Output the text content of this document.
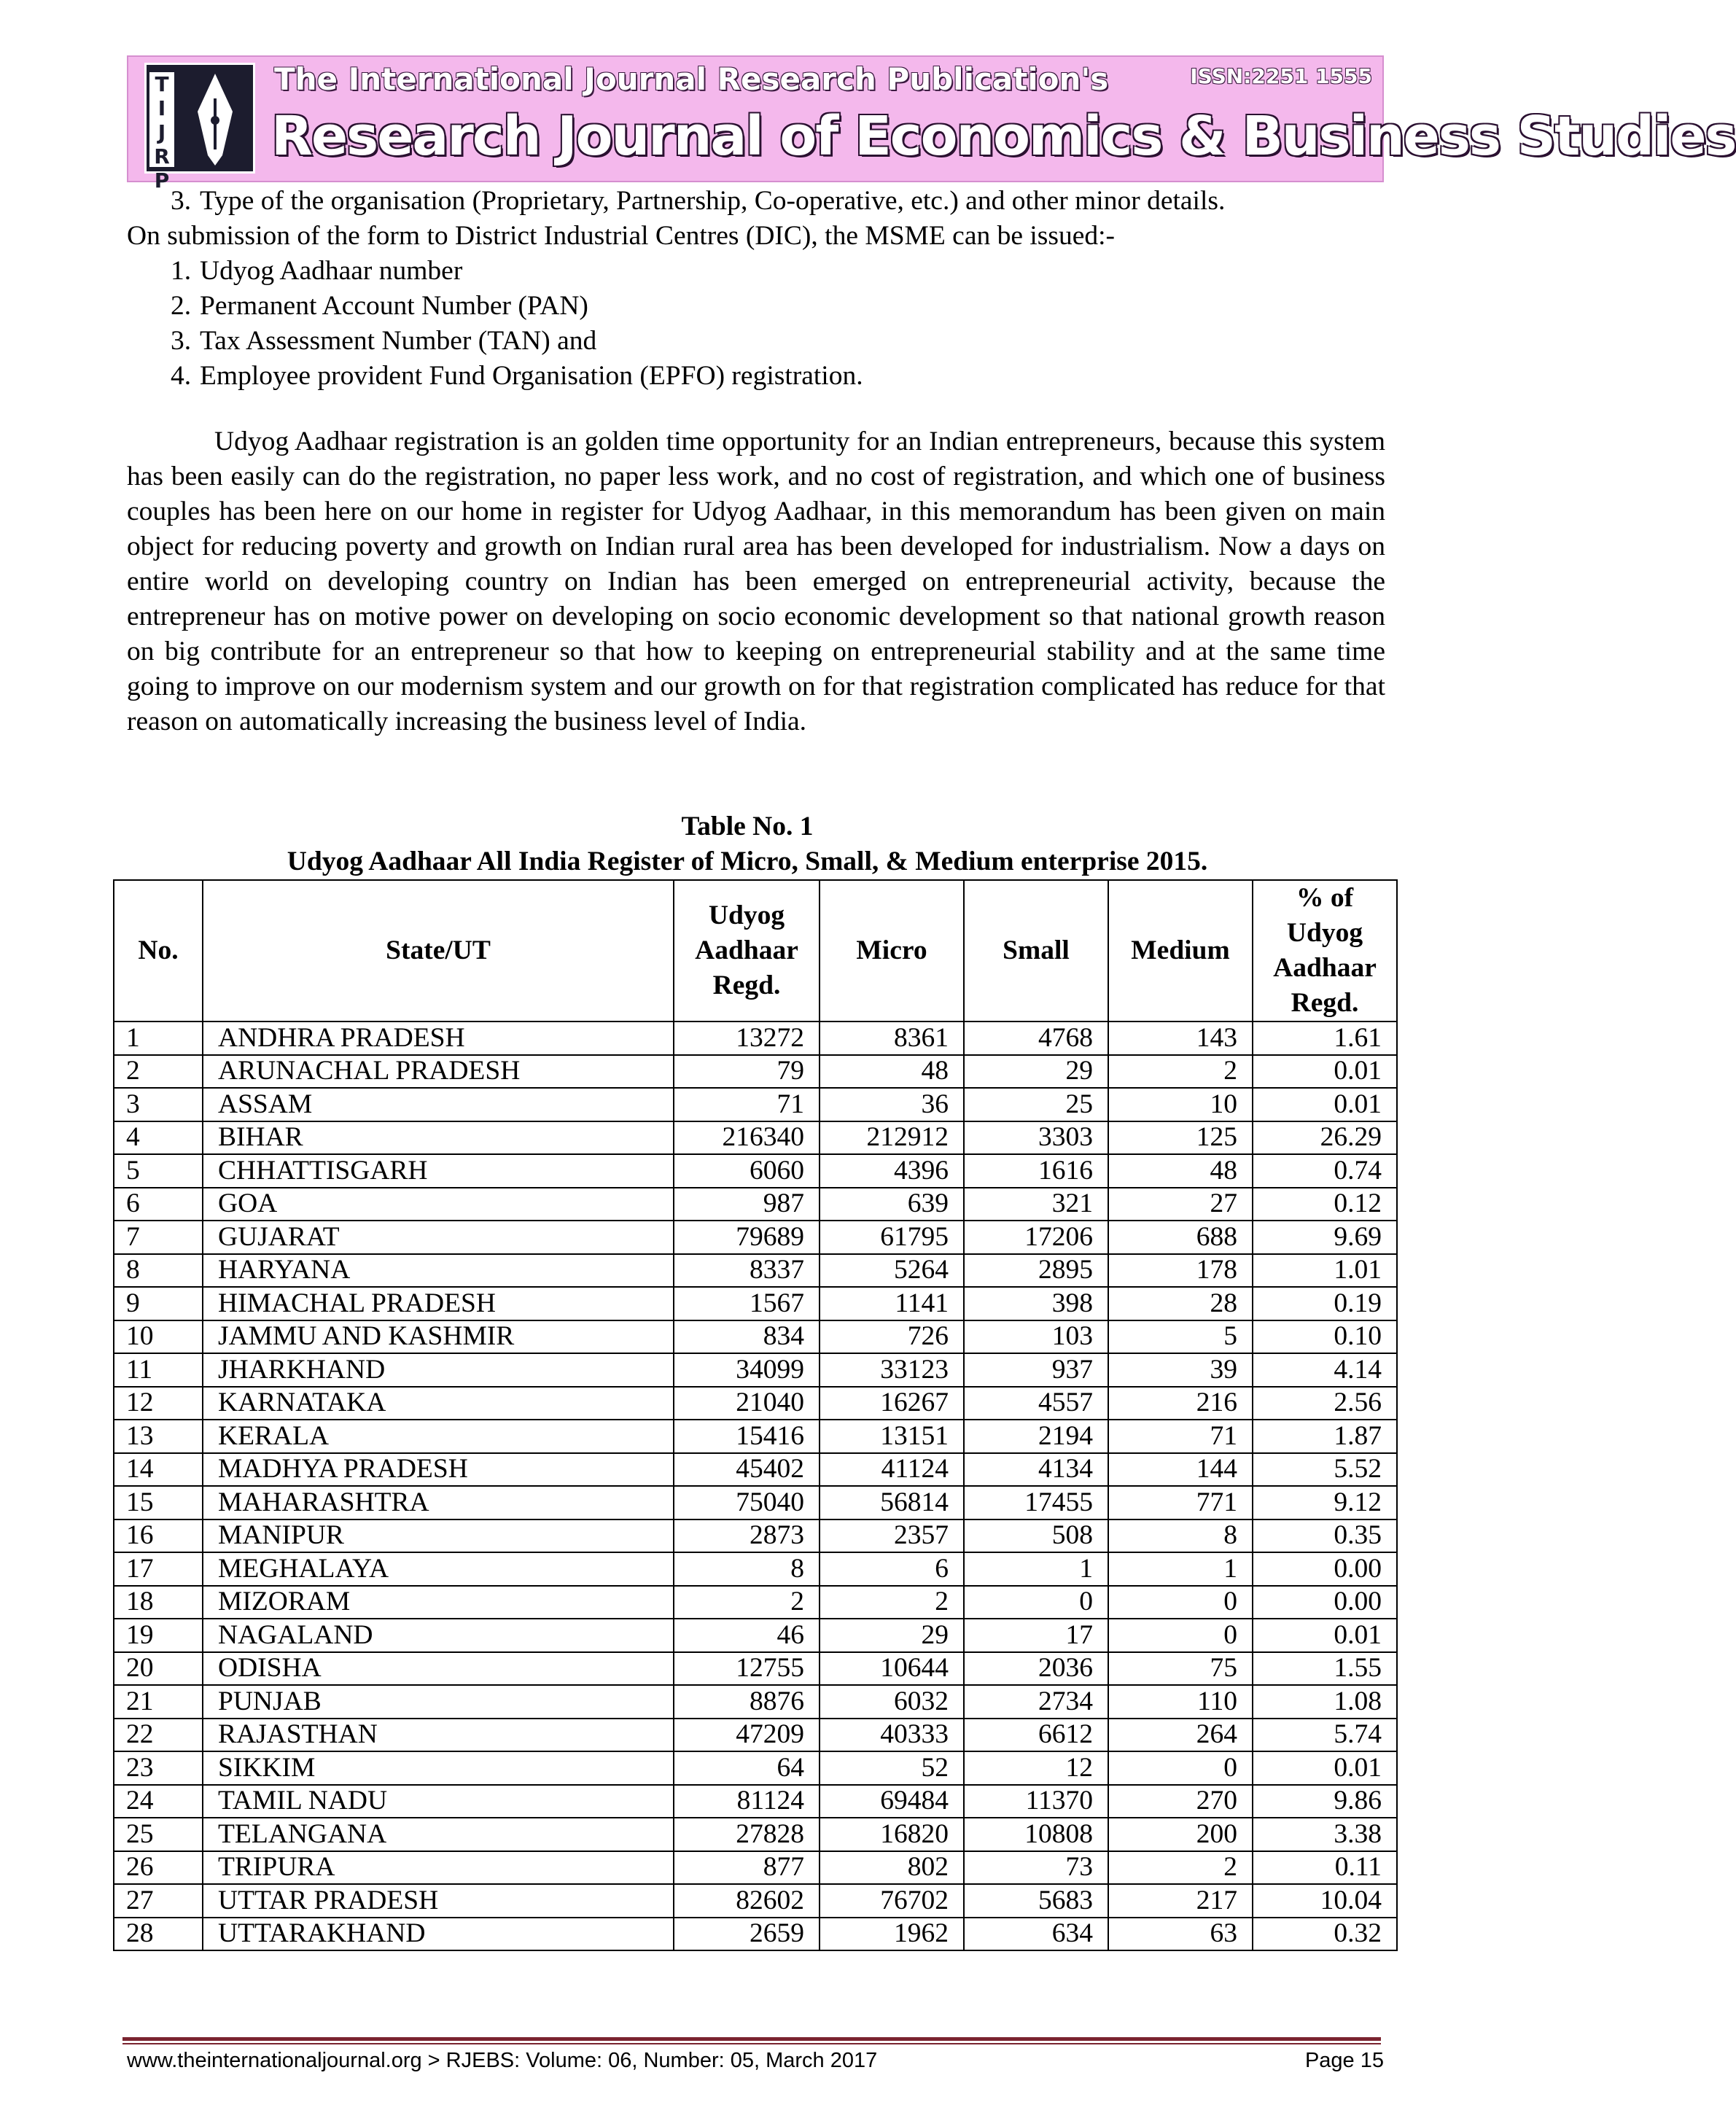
T
I
J
R
P
The International Journal Research Publication's	ISSN:2251 1555
Research Journal of Economics & Business Studies
3. Type of the organisation (Proprietary, Partnership, Co-operative, etc.) and other minor details.
On submission of the form to District Industrial Centres (DIC), the MSME can be issued:-
1. Udyog Aadhaar number
2. Permanent Account Number (PAN)
3. Tax Assessment Number (TAN) and
4. Employee provident Fund Organisation (EPFO) registration.
Udyog Aadhaar registration is an golden time opportunity for an Indian entrepreneurs, because this system has been easily can do the registration, no paper less work, and no cost of registration, and which one of business couples has been here on our home in register for Udyog Aadhaar, in this memorandum has been given on main object for reducing poverty and growth on Indian rural area has been developed for industrialism. Now a days on entire world on developing country on Indian has been emerged on entrepreneurial activity, because the entrepreneur has on motive power on developing on socio economic development so that national growth reason on big contribute for an entrepreneur so that how to keeping on entrepreneurial stability and at the same time going to improve on our modernism system and our growth on for that registration complicated has reduce for that reason on automatically increasing the business level of India.
Table No. 1
Udyog Aadhaar All India Register of Micro, Small, & Medium enterprise 2015.
No.	State/UT	Udyog Aadhaar Regd.	Micro	Small	Medium	% of Udyog Aadhaar Regd.
1	ANDHRA PRADESH	13272	8361	4768	143	1.61
2	ARUNACHAL PRADESH	79	48	29	2	0.01
3	ASSAM	71	36	25	10	0.01
4	BIHAR	216340	212912	3303	125	26.29
5	CHHATTISGARH	6060	4396	1616	48	0.74
6	GOA	987	639	321	27	0.12
7	GUJARAT	79689	61795	17206	688	9.69
8	HARYANA	8337	5264	2895	178	1.01
9	HIMACHAL PRADESH	1567	1141	398	28	0.19
10	JAMMU AND KASHMIR	834	726	103	5	0.10
11	JHARKHAND	34099	33123	937	39	4.14
12	KARNATAKA	21040	16267	4557	216	2.56
13	KERALA	15416	13151	2194	71	1.87
14	MADHYA PRADESH	45402	41124	4134	144	5.52
15	MAHARASHTRA	75040	56814	17455	771	9.12
16	MANIPUR	2873	2357	508	8	0.35
17	MEGHALAYA	8	6	1	1	0.00
18	MIZORAM	2	2	0	0	0.00
19	NAGALAND	46	29	17	0	0.01
20	ODISHA	12755	10644	2036	75	1.55
21	PUNJAB	8876	6032	2734	110	1.08
22	RAJASTHAN	47209	40333	6612	264	5.74
23	SIKKIM	64	52	12	0	0.01
24	TAMIL NADU	81124	69484	11370	270	9.86
25	TELANGANA	27828	16820	10808	200	3.38
26	TRIPURA	877	802	73	2	0.11
27	UTTAR PRADESH	82602	76702	5683	217	10.04
28	UTTARAKHAND	2659	1962	634	63	0.32
www.theinternationaljournal.org > RJEBS: Volume: 06, Number: 05, March 2017	Page 15
